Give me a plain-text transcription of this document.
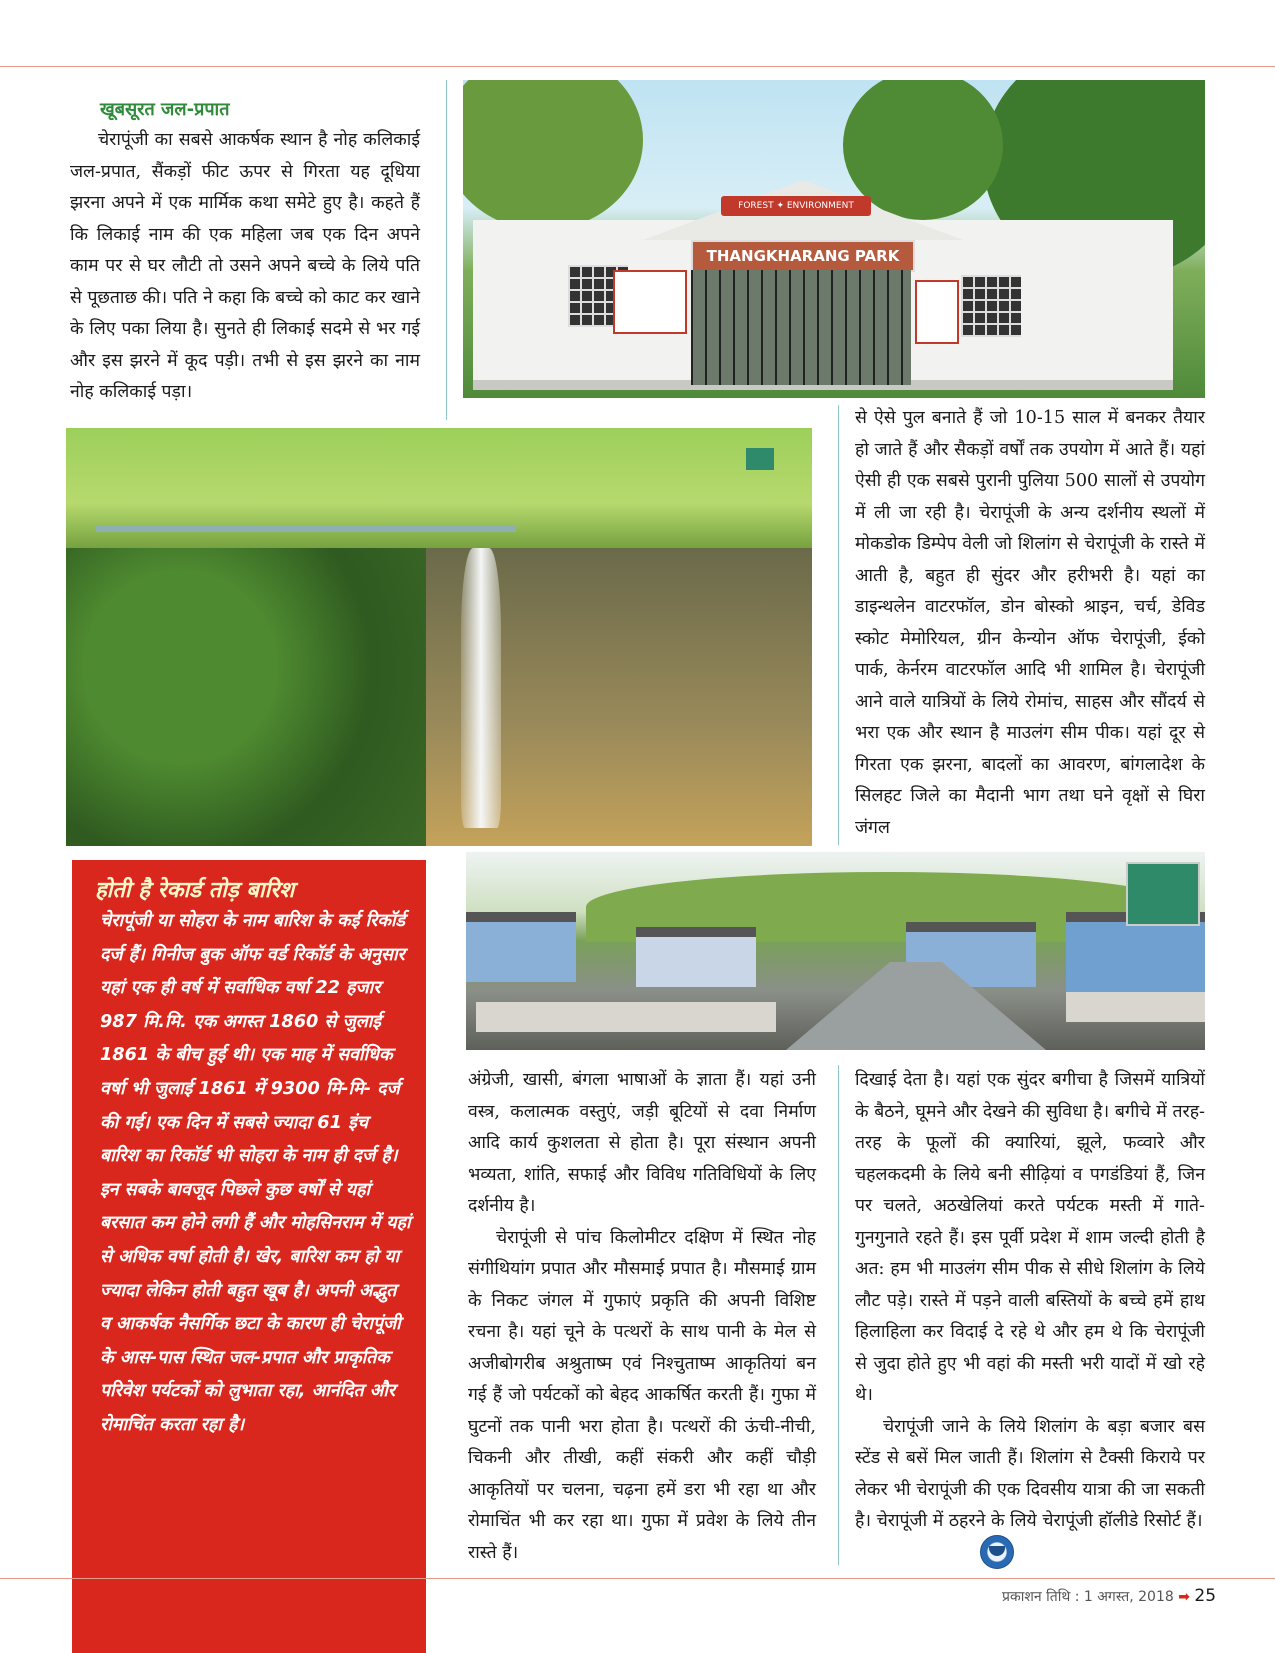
खूबसूरत जल-प्रपात

चेरापूंजी का सबसे आकर्षक स्थान है नोह कलिकाई जल-प्रपात, सैंकड़ों फीट ऊपर से गिरता यह दूधिया झरना अपने में एक मार्मिक कथा समेटे हुए है। कहते हैं कि लिकाई नाम की एक महिला जब एक दिन अपने काम पर से घर लौटी तो उसने अपने बच्चे के लिये पति से पूछताछ की। पति ने कहा कि बच्चे को काट कर खाने के लिए पका लिया है। सुनते ही लिकाई सदमे से भर गई और इस झरने में कूद पड़ी। तभी से इस झरने का नाम नोह कलिकाई पड़ा।

FOREST ✦ ENVIRONMENT
THANGKHARANG PARK

से ऐसे पुल बनाते हैं जो 10-15 साल में बनकर तैयार हो जाते हैं और सैकड़ों वर्षों तक उपयोग में आते हैं। यहां ऐसी ही एक सबसे पुरानी पुलिया 500 सालों से उपयोग में ली जा रही है। चेरापूंजी के अन्य दर्शनीय स्थलों में मोकडोक डिम्पेप वेली जो शिलांग से चेरापूंजी के रास्ते में आती है, बहुत ही सुंदर और हरीभरी है। यहां का डाइन्थलेन वाटरफॉल, डोन बोस्को श्राइन, चर्च, डेविड स्कोट मेमोरियल, ग्रीन केन्योन ऑफ चेरापूंजी, ईको पार्क, केर्नरम वाटरफॉल आदि भी शामिल है। चेरापूंजी आने वाले यात्रियों के लिये रोमांच, साहस और सौंदर्य से भरा एक और स्थान है माउलंग सीम पीक। यहां दूर से गिरता एक झरना, बादलों का आवरण, बांगलादेश के सिलहट जिले का मैदानी भाग तथा घने वृक्षों से घिरा जंगल

होती है रेकार्ड तोड़ बारिश
चेरापूंजी या सोहरा के नाम बारिश के कई रिकॉर्ड दर्ज हैं। गिनीज बुक ऑफ वर्ड रिकॉर्ड के अनुसार यहां एक ही वर्ष में सर्वाधिक वर्षा 22 हजार 987 मि.मि. एक अगस्त 1860 से जुलाई 1861 के बीच हुई थी। एक माह में सर्वाधिक वर्षा भी जुलाई 1861 में 9300 मि-मि- दर्ज की गई। एक दिन में सबसे ज्यादा 61 इंच बारिश का रिकॉर्ड भी सोहरा के नाम ही दर्ज है। इन सबके बावजूद पिछले कुछ वर्षों से यहां बरसात कम होने लगी हैं और मोहसिनराम में यहां से अधिक वर्षा होती है। खेर, बारिश कम हो या ज्यादा लेकिन होती बहुत खूब है। अपनी अद्भुत व आकर्षक नैसर्गिक छटा के कारण ही चेरापूंजी के आस-पास स्थित जल-प्रपात और प्राकृतिक परिवेश पर्यटकों को लुभाता रहा, आनंदित और रोमाचिंत करता रहा है।

अंग्रेजी, खासी, बंगला भाषाओं के ज्ञाता हैं। यहां उनी वस्त्र, कलात्मक वस्तुएं, जड़ी बूटियों से दवा निर्माण आदि कार्य कुशलता से होता है। पूरा संस्थान अपनी भव्यता, शांति, सफाई और विविध गतिविधियों के लिए दर्शनीय है।

चेरापूंजी से पांच किलोमीटर दक्षिण में स्थित नोह संगीथियांग प्रपात और मौसमाई प्रपात है। मौसमाई ग्राम के निकट जंगल में गुफाएं प्रकृति की अपनी विशिष्ट रचना है। यहां चूने के पत्थरों के साथ पानी के मेल से अजीबोगरीब अश्रुताष्म एवं निश्चुताष्म आकृतियां बन गई हैं जो पर्यटकों को बेहद आकर्षित करती हैं। गुफा में घुटनों तक पानी भरा होता है। पत्थरों की ऊंची-नीची, चिकनी और तीखी, कहीं संकरी और कहीं चौड़ी आकृतियों पर चलना, चढ़ना हमें डरा भी रहा था और रोमाचिंत भी कर रहा था। गुफा में प्रवेश के लिये तीन रास्ते हैं।

दिखाई देता है। यहां एक सुंदर बगीचा है जिसमें यात्रियों के बैठने, घूमने और देखने की सुविधा है। बगीचे में तरह-तरह के फूलों की क्यारियां, झूले, फव्वारे और चहलकदमी के लिये बनी सीढ़ियां व पगडंडियां हैं, जिन पर चलते, अठखेलियां करते पर्यटक मस्ती में गाते-गुनगुनाते रहते हैं। इस पूर्वी प्रदेश में शाम जल्दी होती है अत: हम भी माउलंग सीम पीक से सीधे शिलांग के लिये लौट पड़े। रास्ते में पड़ने वाली बस्तियों के बच्चे हमें हाथ हिलाहिला कर विदाई दे रहे थे और हम थे कि चेरापूंजी से जुदा होते हुए भी वहां की मस्ती भरी यादों में खो रहे थे।

चेरापूंजी जाने के लिये शिलांग के बड़ा बजार बस स्टेंड से बसें मिल जाती हैं। शिलांग से टैक्सी किराये पर लेकर भी चेरापूंजी की एक दिवसीय यात्रा की जा सकती है। चेरापूंजी में ठहरने के लिये चेरापूंजी हॉलीडे रिसोर्ट हैं।

प्रकाशन तिथि : 1 अगस्त, 2018 ➡ 25
